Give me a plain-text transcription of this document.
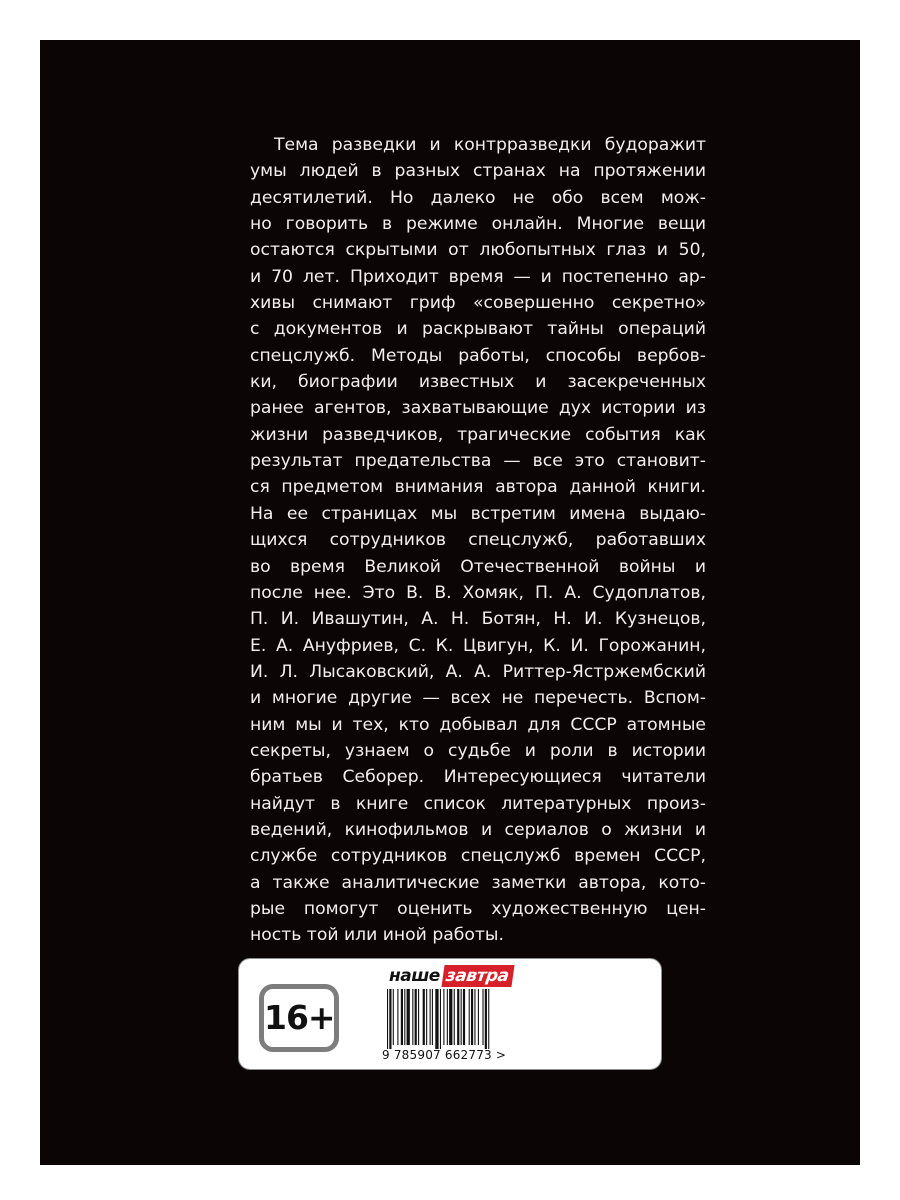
Тема разведки и контрразведки будоражит
умы людей в разных странах на протяжении
десятилетий. Но далеко не обо всем мож-
но говорить в режиме онлайн. Многие вещи
остаются скрытыми от любопытных глаз и 50,
и 70 лет. Приходит время — и постепенно ар-
хивы снимают гриф «совершенно секретно»
с документов и раскрывают тайны операций
спецслужб. Методы работы, способы вербов-
ки, биографии известных и засекреченных
ранее агентов, захватывающие дух истории из
жизни разведчиков, трагические события как
результат предательства — все это становит-
ся предметом внимания автора данной книги.
На ее страницах мы встретим имена выдаю-
щихся сотрудников спецслужб, работавших
во время Великой Отечественной войны и
после нее. Это В. В. Хомяк, П. А. Судоплатов,
П. И. Ивашутин, А. Н. Ботян, Н. И. Кузнецов,
Е. А. Ануфриев, С. К. Цвигун, К. И. Горожанин,
И. Л. Лысаковский, А. А. Риттер-Ястржембский
и многие другие — всех не перечесть. Вспом-
ним мы и тех, кто добывал для СССР атомные
секреты, узнаем о судьбе и роли в истории
братьев Себорер. Интересующиеся читатели
найдут в книге список литературных произ-
ведений, кинофильмов и сериалов о жизни и
службе сотрудников спецслужб времен СССР,
а также аналитические заметки автора, кото-
рые помогут оценить художественную цен-
ность той или иной работы.
16+
наше завтра
9 785907 662773 >
